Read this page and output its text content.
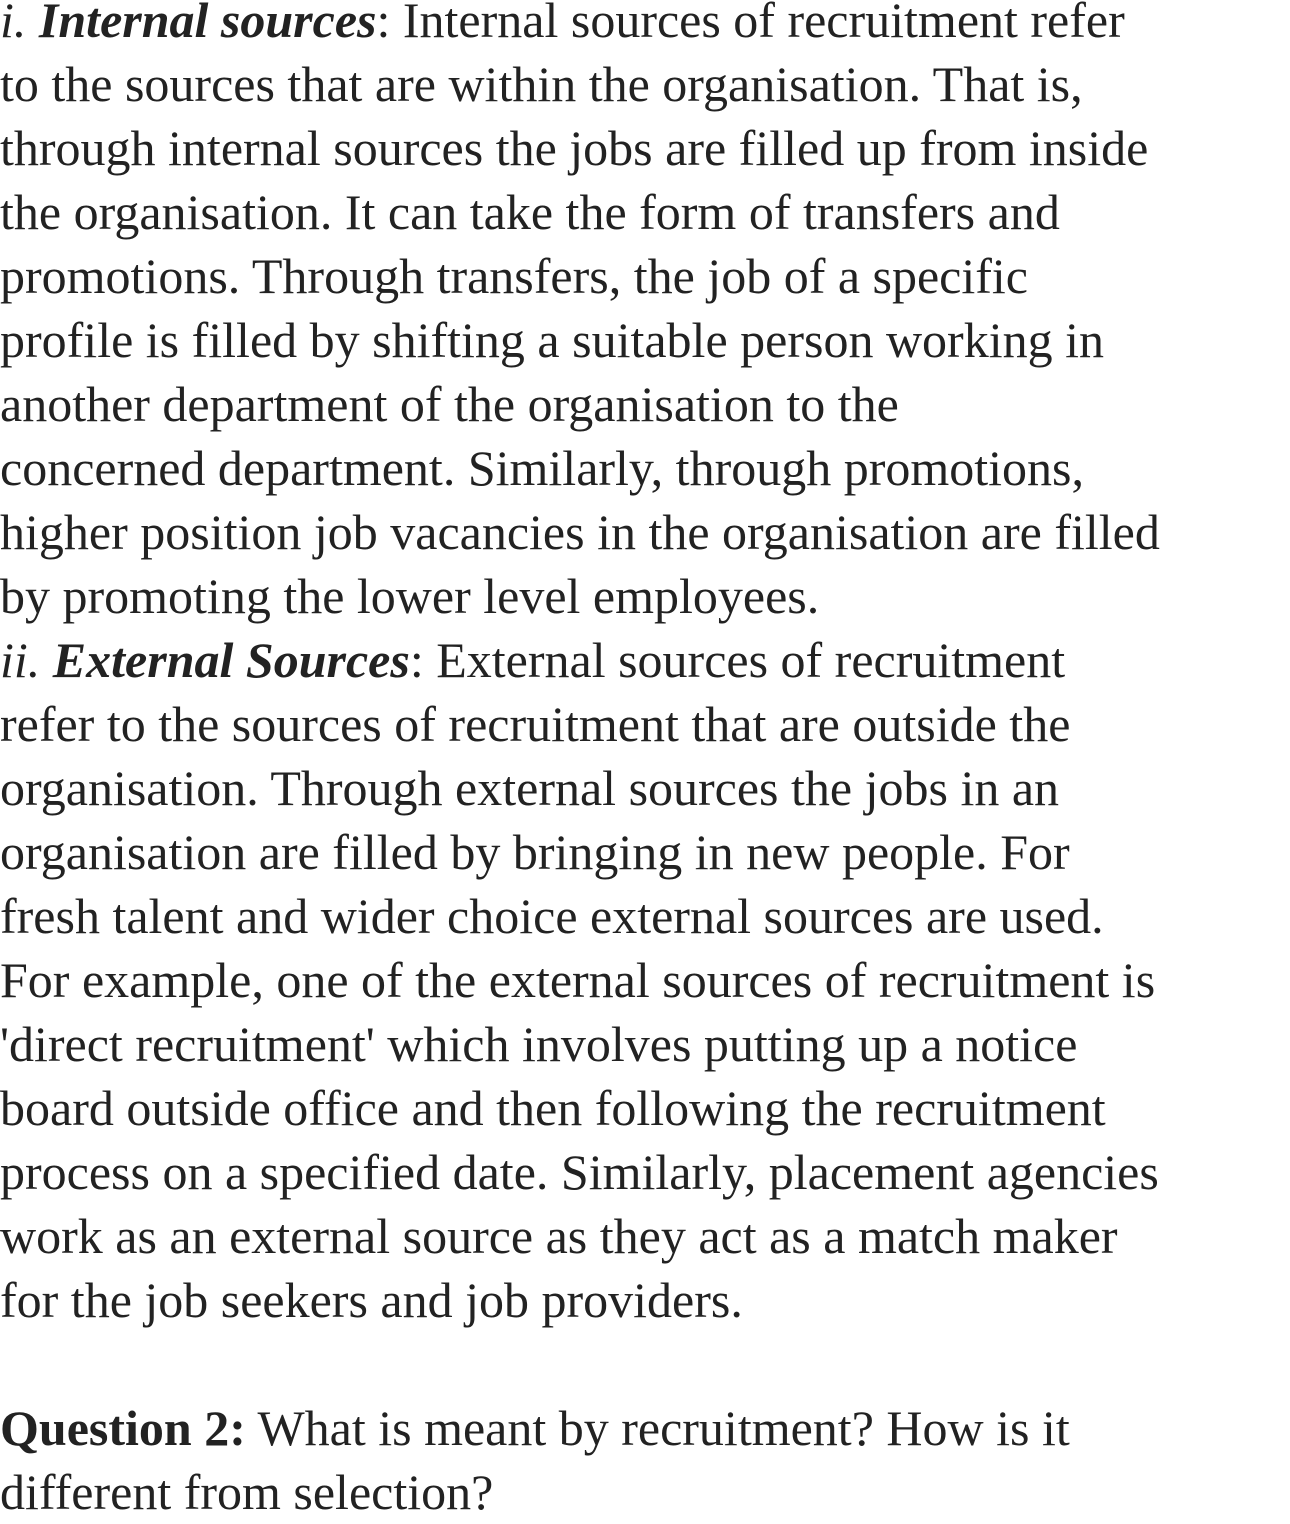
i. Internal sources: Internal sources of recruitment refer
to the sources that are within the organisation. That is,
through internal sources the jobs are filled up from inside
the organisation. It can take the form of transfers and
promotions. Through transfers, the job of a specific
profile is filled by shifting a suitable person working in
another department of the organisation to the
concerned department. Similarly, through promotions,
higher position job vacancies in the organisation are filled
by promoting the lower level employees.
ii. External Sources: External sources of recruitment
refer to the sources of recruitment that are outside the
organisation. Through external sources the jobs in an
organisation are filled by bringing in new people. For
fresh talent and wider choice external sources are used.
For example, one of the external sources of recruitment is
'direct recruitment' which involves putting up a notice
board outside office and then following the recruitment
process on a specified date. Similarly, placement agencies
work as an external source as they act as a match maker
for the job seekers and job providers.
Question 2: What is meant by recruitment? How is it
different from selection?
